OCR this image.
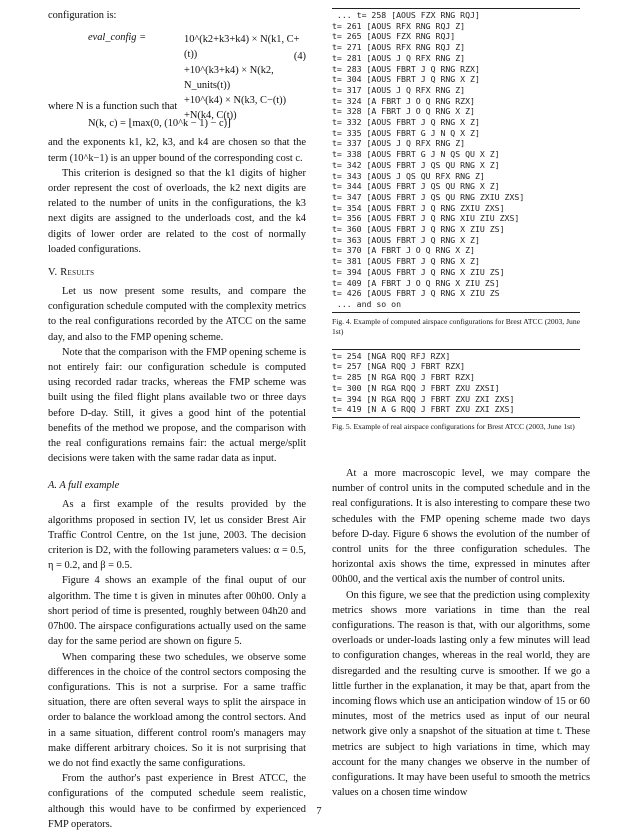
configuration is:

eval_config =	10^(k2+k3+k4) × N(k1, C+(t))
+10^(k3+k4) × N(k2, N_units(t))
+10^(k4) × N(k3, C−(t))
+N(k4, C(t))
(4)

where N is a function such that

N(k, c) = ⌊max(0, (10^k − 1) − c)⌋

and the exponents k1, k2, k3, and k4 are chosen so that the term (10^k−1) is an upper bound of the corresponding cost c.

This criterion is designed so that the k1 digits of higher order represent the cost of overloads, the k2 next digits are related to the number of units in the configurations, the k3 next digits are assigned to the underloads cost, and the k4 digits of lower order are related to the cost of normally loaded configurations.

V. Results

Let us now present some results, and compare the configuration schedule computed with the complexity metrics to the real configurations recorded by the ATCC on the same day, and also to the FMP opening scheme.

Note that the comparison with the FMP opening scheme is not entirely fair: our configuration schedule is computed using recorded radar tracks, whereas the FMP scheme was built using the filed flight plans available two or three days before D-day. Still, it gives a good hint of the potential benefits of the method we propose, and the comparison with the real configurations remains fair: the actual merge/split decisions were taken with the same radar data as input.

A. A full example

As a first example of the results provided by the algorithms proposed in section IV, let us consider Brest Air Traffic Control Centre, on the 1st june, 2003. The decision criterion is D2, with the following parameters values: α = 0.5, η = 0.2, and β = 0.5.

Figure 4 shows an example of the final ouput of our algorithm. The time t is given in minutes after 00h00. Only a short period of time is presented, roughly between 04h20 and 07h00. The airspace configurations actually used on the same day for the same period are shown on figure 5.

When comparing these two schedules, we observe some differences in the choice of the control sectors composing the configurations. This is not a surprise. For a same traffic situation, there are often several ways to split the airspace in order to balance the workload among the control sectors. And in a same situation, different control room's managers may make different arbitrary choices. So it is not surprising that we do not find exactly the same configurations.

From the author's past experience in Brest ATCC, the configurations of the computed schedule seem realistic, although this would have to be confirmed by experienced FMP operators.

... t= 258 [AOUS FZX RNG RQJ]
t= 261 [AOUS RFX RNG RQJ Z]
t= 265 [AOUS FZX RNG RQJ]
t= 271 [AOUS RFX RNG RQJ Z]
t= 281 [AOUS J Q RFX RNG Z]
t= 283 [AOUS FBRT J Q RNG RZX]
t= 304 [AOUS FBRT J Q RNG X Z]
t= 317 [AOUS J Q RFX RNG Z]
t= 324 [A FBRT J O Q RNG RZX]
t= 328 [A FBRT J O Q RNG X Z]
t= 332 [AOUS FBRT J Q RNG X Z]
t= 335 [AOUS FBRT G J N Q X Z]
t= 337 [AOUS J Q RFX RNG Z]
t= 338 [AOUS FBRT G J N QS QU X Z]
t= 342 [AOUS FBRT J QS QU RNG X Z]
t= 343 [AOUS J QS QU RFX RNG Z]
t= 344 [AOUS FBRT J QS QU RNG X Z]
t= 347 [AOUS FBRT J QS QU RNG ZXIU ZXS]
t= 354 [AOUS FBRT J Q RNG ZXIU ZXS]
t= 356 [AOUS FBRT J Q RNG XIU ZIU ZXS]
t= 360 [AOUS FBRT J Q RNG X ZIU ZS]
t= 363 [AOUS FBRT J Q RNG X Z]
t= 370 [A FBRT J O Q RNG X Z]
t= 381 [AOUS FBRT J Q RNG X Z]
t= 394 [AOUS FBRT J Q RNG X ZIU ZS]
t= 409 [A FBRT J O Q RNG X ZIU ZS]
t= 426 [AOUS FBRT J Q RNG X ZIU ZS
... and so on
Fig. 4. Example of computed airspace configurations for Brest ATCC (2003, June 1st)
t= 254 [NGA RQQ RFJ RZX]
t= 257 [NGA RQQ J FBRT RZX]
t= 285 [N RGA RQQ J FBRT RZX]
t= 300 [N RGA RQQ J FBRT ZXU ZXSI]
t= 394 [N RGA RQQ J FBRT ZXU ZXI ZXS]
t= 419 [N A G RQQ J FBRT ZXU ZXI ZXS]
Fig. 5. Example of real airspace configurations for Brest ATCC (2003, June 1st)

At a more macroscopic level, we may compare the number of control units in the computed schedule and in the real configurations. It is also interesting to compare these two schedules with the FMP opening scheme made two days before D-day. Figure 6 shows the evolution of the number of control units for the three configuration schedules. The horizontal axis shows the time, expressed in minutes after 00h00, and the vertical axis the number of control units.

On this figure, we see that the prediction using complexity metrics shows more variations in time than the real configurations. The reason is that, with our algorithms, some overloads or under-loads lasting only a few minutes will lead to configuration changes, whereas in the real world, they are disregarded and the resulting curve is smoother. If we go a little further in the explanation, it may be that, apart from the incoming flows which use an anticipation window of 15 or 60 minutes, most of the metrics used as input of our neural network give only a snapshot of the situation at time t. These metrics are subject to high variations in time, which may account for the many changes we observe in the number of configurations. It may have been useful to smooth the metrics values on a chosen time window

7
